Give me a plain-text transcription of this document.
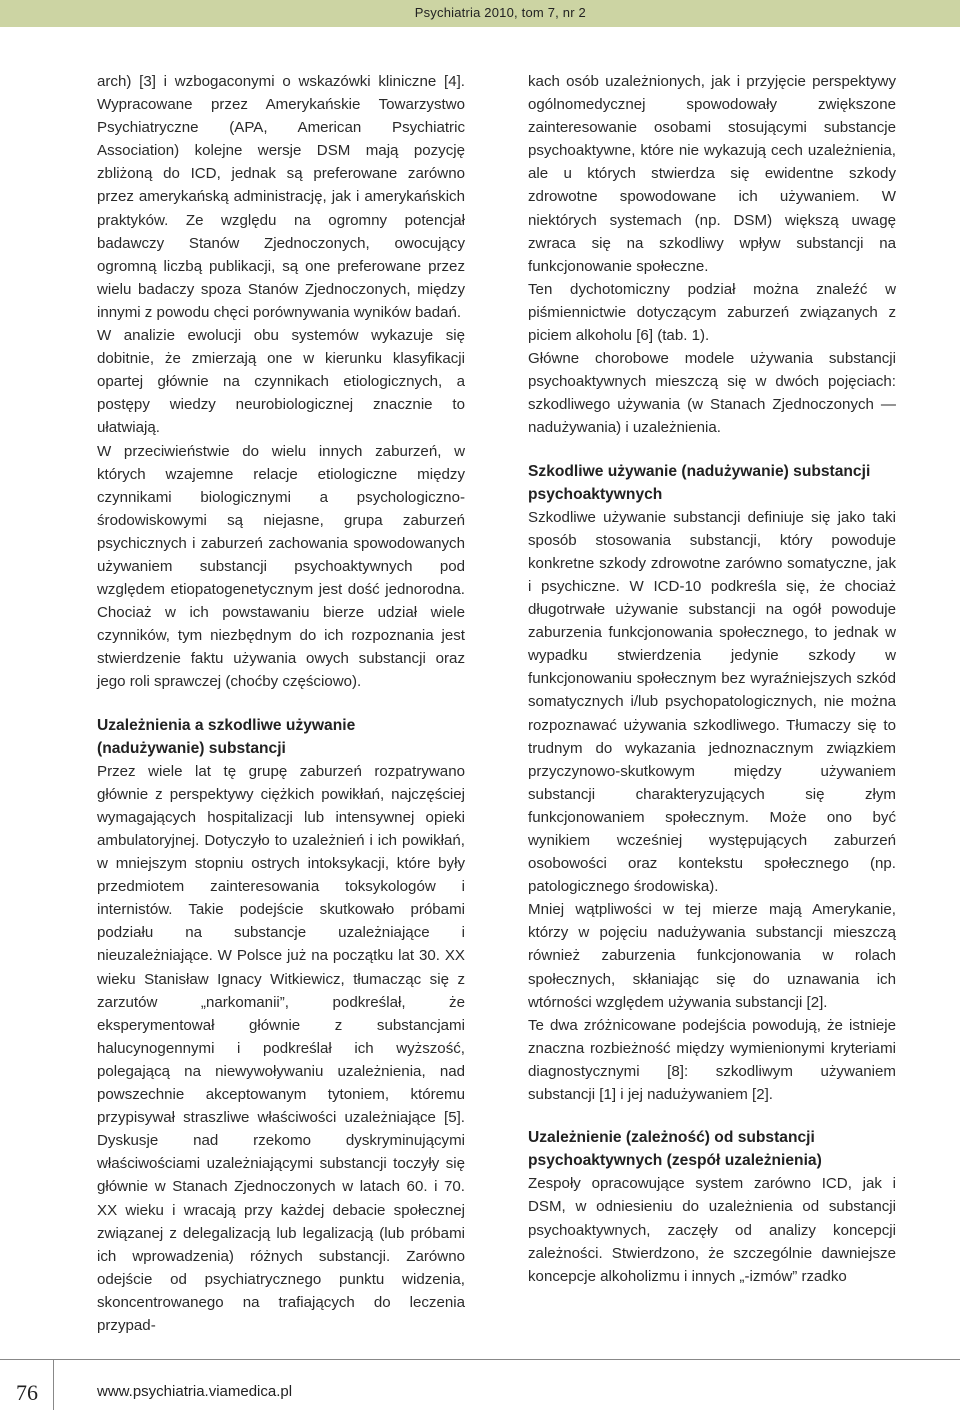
Psychiatria 2010, tom 7, nr 2

arch) [3] i wzbogaconymi o wskazówki kliniczne [4]. Wypracowane przez Amerykańskie Towarzystwo Psychiatryczne (APA, American Psychiatric Association) kolejne wersje DSM mają pozycję zbliżoną do ICD, jednak są preferowane zarówno przez amerykańską administrację, jak i amerykańskich praktyków. Ze względu na ogromny potencjał badawczy Stanów Zjednoczonych, owocujący ogromną liczbą publikacji, są one preferowane przez wielu badaczy spoza Stanów Zjednoczonych, między innymi z powodu chęci porównywania wyników badań.

W analizie ewolucji obu systemów wykazuje się dobitnie, że zmierzają one w kierunku klasyfikacji opartej głównie na czynnikach etiologicznych, a postępy wiedzy neurobiologicznej znacznie to ułatwiają.

W przeciwieństwie do wielu innych zaburzeń, w których wzajemne relacje etiologiczne między czynnikami biologicznymi a psychologiczno-środowiskowymi są niejasne, grupa zaburzeń psychicznych i zaburzeń zachowania spowodowanych używaniem substancji psychoaktywnych pod względem etiopatogenetycznym jest dość jednorodna. Chociaż w ich powstawaniu bierze udział wiele czynników, tym niezbędnym do ich rozpoznania jest stwierdzenie faktu używania owych substancji oraz jego roli sprawczej (choćby częściowo).

Uzależnienia a szkodliwe używanie (nadużywanie) substancji

Przez wiele lat tę grupę zaburzeń rozpatrywano głównie z perspektywy ciężkich powikłań, najczęściej wymagających hospitalizacji lub intensywnej opieki ambulatoryjnej. Dotyczyło to uzależnień i ich powikłań, w mniejszym stopniu ostrych intoksykacji, które były przedmiotem zainteresowania toksykologów i internistów. Takie podejście skutkowało próbami podziału na substancje uzależniające i nieuzależniające. W Polsce już na początku lat 30. XX wieku Stanisław Ignacy Witkiewicz, tłumacząc się z zarzutów „narkomanii”, podkreślał, że eksperymentował głównie z substancjami halucynogennymi i podkreślał ich wyższość, polegającą na niewywoływaniu uzależnienia, nad powszechnie akceptowanym tytoniem, któremu przypisywał straszliwe właściwości uzależniające [5]. Dyskusje nad rzekomo dyskryminującymi właściwościami uzależniającymi substancji toczyły się głównie w Stanach Zjednoczonych w latach 60. i 70. XX wieku i wracają przy każdej debacie społecznej związanej z delegalizacją lub legalizacją (lub próbami ich wprowadzenia) różnych substancji. Zarówno odejście od psychiatrycznego punktu widzenia, skoncentrowanego na trafiających do leczenia przypad-

kach osób uzależnionych, jak i przyjęcie perspektywy ogólnomedycznej spowodowały zwiększone zainteresowanie osobami stosującymi substancje psychoaktywne, które nie wykazują cech uzależnienia, ale u których stwierdza się ewidentne szkody zdrowotne spowodowane ich używaniem. W niektórych systemach (np. DSM) większą uwagę zwraca się na szkodliwy wpływ substancji na funkcjonowanie społeczne.

Ten dychotomiczny podział można znaleźć w piśmiennictwie dotyczącym zaburzeń związanych z piciem alkoholu [6] (tab. 1).

Główne chorobowe modele używania substancji psychoaktywnych mieszczą się w dwóch pojęciach: szkodliwego używania (w Stanach Zjednoczonych — nadużywania) i uzależnienia.

Szkodliwe używanie (nadużywanie) substancji psychoaktywnych

Szkodliwe używanie substancji definiuje się jako taki sposób stosowania substancji, który powoduje konkretne szkody zdrowotne zarówno somatyczne, jak i psychiczne. W ICD-10 podkreśla się, że chociaż długotrwałe używanie substancji na ogół powoduje zaburzenia funkcjonowania społecznego, to jednak w wypadku stwierdzenia jedynie szkody w funkcjonowaniu społecznym bez wyraźniejszych szkód somatycznych i/lub psychopatologicznych, nie można rozpoznawać używania szkodliwego. Tłumaczy się to trudnym do wykazania jednoznacznym związkiem przyczynowo-skutkowym między używaniem substancji charakteryzujących się złym funkcjonowaniem społecznym. Może ono być wynikiem wcześniej występujących zaburzeń osobowości oraz kontekstu społecznego (np. patologicznego środowiska).

Mniej wątpliwości w tej mierze mają Amerykanie, którzy w pojęciu nadużywania substancji mieszczą również zaburzenia funkcjonowania w rolach społecznych, skłaniając się do uznawania ich wtórności względem używania substancji [2].

Te dwa zróżnicowane podejścia powodują, że istnieje znaczna rozbieżność między wymienionymi kryteriami diagnostycznymi [8]: szkodliwym używaniem substancji [1] i jej nadużywaniem [2].

Uzależnienie (zależność) od substancji psychoaktywnych (zespół uzależnienia)

Zespoły opracowujące system zarówno ICD, jak i DSM, w odniesieniu do uzależnienia od substancji psychoaktywnych, zaczęły od analizy koncepcji zależności. Stwierdzono, że szczególnie dawniejsze koncepcje alkoholizmu i innych „-izmów” rzadko

76	www.psychiatria.viamedica.pl
